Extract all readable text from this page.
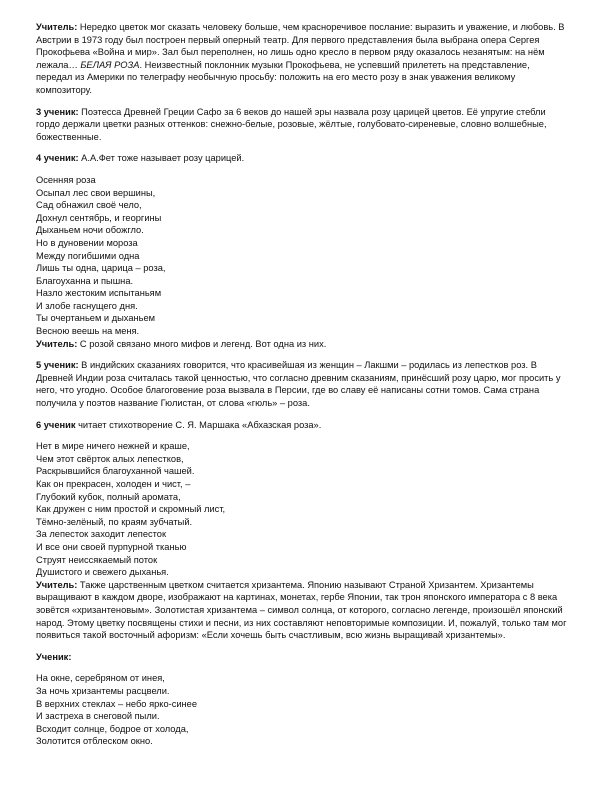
Учитель: Нередко цветок мог сказать человеку больше, чем красноречивое послание: выразить и уважение, и любовь. В Австрии в 1973 году был построен первый оперный театр. Для первого представления была выбрана опера Сергея Прокофьева «Война и мир». Зал был переполнен, но лишь одно кресло в первом ряду оказалось незанятым: на нём лежала… БЕЛАЯ РОЗА. Неизвестный поклонник музыки Прокофьева, не успевший прилететь на представление, передал из Америки по телеграфу необычную просьбу: положить на его место розу в знак уважения великому композитору.

3 ученик: Поэтесса Древней Греции Сафо за 6 веков до нашей эры назвала розу царицей цветов. Её упругие стебли гордо держали цветки разных оттенков: снежно-белые, розовые, жёлтые, голубовато-сиреневые, словно волшебные, божественные.

4 ученик: А.А.Фет тоже называет розу царицей.

Осенняя роза
Осыпал лес свои вершины,
Сад обнажил своё чело,
Дохнул сентябрь, и георгины
Дыханьем ночи обожгло.
Но в дуновении мороза
Между погибшими одна
Лишь ты одна, царица – роза,
Благоуханна и пышна.
Назло жестоким испытаньям
И злобе гаснущего дня.
Ты очертаньем и дыханьем
Весною веешь на меня.

Учитель: С розой связано много мифов и легенд. Вот одна из них.

5 ученик: В индийских сказаниях говорится, что красивейшая из женщин – Лакшми – родилась из лепестков роз. В Древней Индии роза считалась такой ценностью, что согласно древним сказаниям, принёсший розу царю, мог просить у него, что угодно. Особое благоговение роза вызвала в Персии, где во славу её написаны сотни томов. Сама страна получила у поэтов название Гюлистан, от слова «гюль» – роза.

6 ученик читает стихотворение С. Я. Маршака «Абхазская роза».

Нет в мире ничего нежней и краше,
Чем этот свёрток алых лепестков,
Раскрывшийся благоуханной чашей.
Как он прекрасен, холоден и чист, –
Глубокий кубок, полный аромата,
Как дружен с ним простой и скромный лист,
Тёмно-зелёный, по краям зубчатый.
За лепесток заходит лепесток
И все они своей пурпурной тканью
Струят неиссякаемый поток
Душистого и свежего дыханья.

Учитель: Также царственным цветком считается хризантема. Японию называют Страной Хризантем. Хризантемы выращивают в каждом дворе, изображают на картинах, монетах, гербе Японии, так трон японского императора с 8 века зовётся «хризантеновым». Золотистая хризантема – символ солнца, от которого, согласно легенде, произошёл японский народ. Этому цветку посвящены стихи и песни, из них составляют неповторимые композиции. И, пожалуй, только там мог появиться такой восточный афоризм: «Если хочешь быть счастливым, всю жизнь выращивай хризантемы».

Ученик:

На окне, серебряном от инея,
За ночь хризантемы расцвели.
В верхних стеклах – небо ярко-синее
И застреха в снеговой пыли.
Всходит солнце, бодрое от холода,
Золотится отблеском окно.
